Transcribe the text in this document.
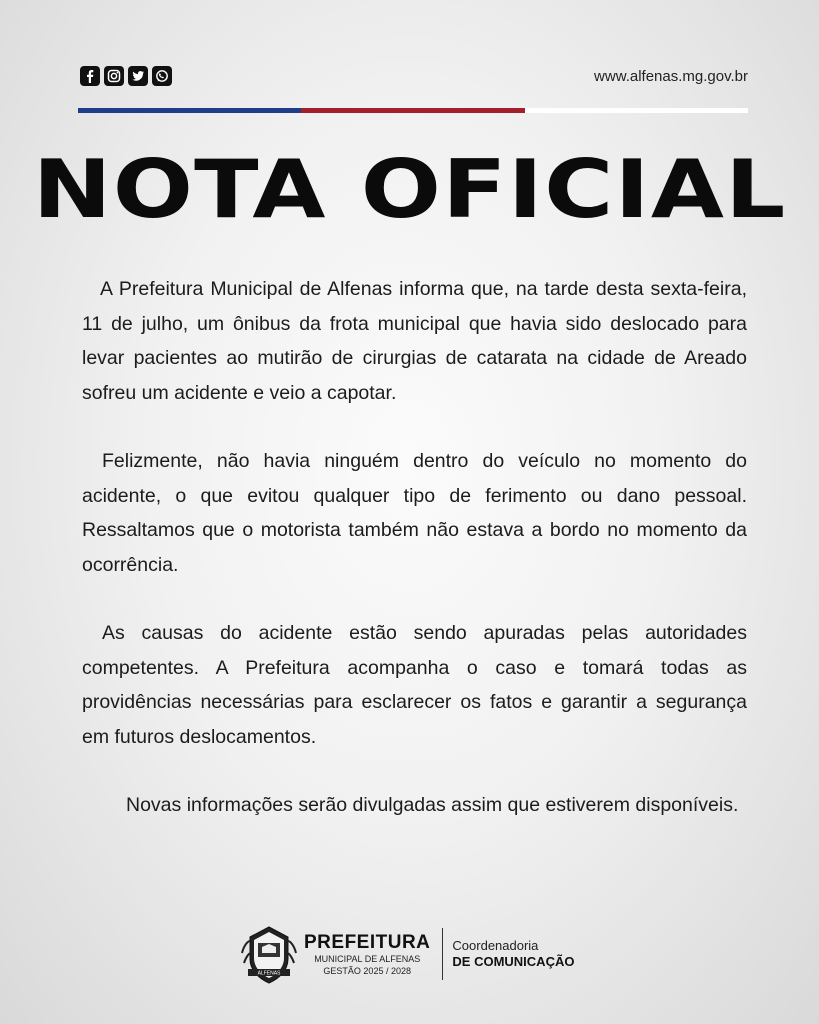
www.alfenas.mg.gov.br
NOTA OFICIAL

A Prefeitura Municipal de Alfenas informa que, na tarde desta sexta-feira, 11 de julho, um ônibus da frota municipal que havia sido deslocado para levar pacientes ao mutirão de cirurgias de catarata na cidade de Areado sofreu um acidente e veio a capotar.

Felizmente, não havia ninguém dentro do veículo no momento do acidente, o que evitou qualquer tipo de ferimento ou dano pessoal. Ressaltamos que o motorista também não estava a bordo no momento da ocorrência.

As causas do acidente estão sendo apuradas pelas autoridades competentes. A Prefeitura acompanha o caso e tomará todas as providências necessárias para esclarecer os fatos e garantir a segurança em futuros deslocamentos.

Novas informações serão divulgadas assim que estiverem disponíveis.

ALFENAS
PREFEITURA
MUNICIPAL DE ALFENAS
GESTÃO 2025 / 2028
Coordenadoria
DE COMUNICAÇÃO
